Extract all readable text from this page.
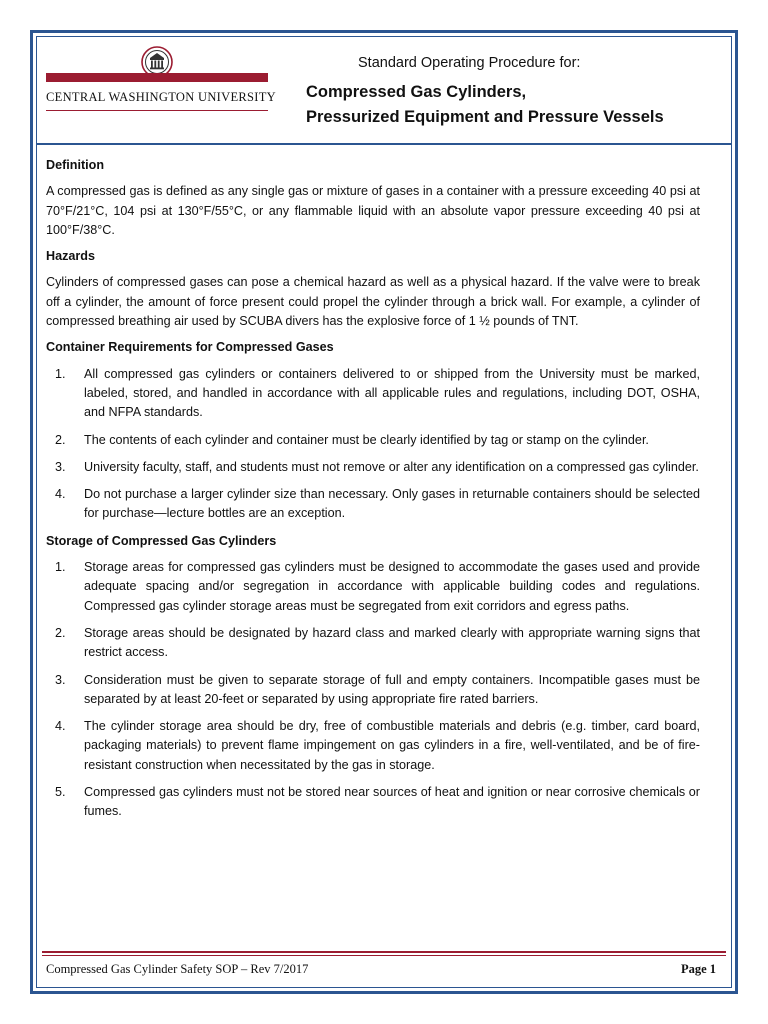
CENTRAL WASHINGTON UNIVERSITY
Standard Operating Procedure for:
Compressed Gas Cylinders,
Pressurized Equipment and Pressure Vessels
Definition

A compressed gas is defined as any single gas or mixture of gases in a container with a pressure exceeding 40 psi at 70°F/21°C, 104 psi at 130°F/55°C, or any flammable liquid with an absolute vapor pressure exceeding 40 psi at 100°F/38°C.

Hazards

Cylinders of compressed gases can pose a chemical hazard as well as a physical hazard. If the valve were to break off a cylinder, the amount of force present could propel the cylinder through a brick wall. For example, a cylinder of compressed breathing air used by SCUBA divers has the explosive force of 1 ½ pounds of TNT.

Container Requirements for Compressed Gases
1. All compressed gas cylinders or containers delivered to or shipped from the University must be marked, labeled, stored, and handled in accordance with all applicable rules and regulations, including DOT, OSHA, and NFPA standards.
2. The contents of each cylinder and container must be clearly identified by tag or stamp on the cylinder.
3. University faculty, staff, and students must not remove or alter any identification on a compressed gas cylinder.
4. Do not purchase a larger cylinder size than necessary. Only gases in returnable containers should be selected for purchase—lecture bottles are an exception.
Storage of Compressed Gas Cylinders
1. Storage areas for compressed gas cylinders must be designed to accommodate the gases used and provide adequate spacing and/or segregation in accordance with applicable building codes and regulations. Compressed gas cylinder storage areas must be segregated from exit corridors and egress paths.
2. Storage areas should be designated by hazard class and marked clearly with appropriate warning signs that restrict access.
3. Consideration must be given to separate storage of full and empty containers. Incompatible gases must be separated by at least 20-feet or separated by using appropriate fire rated barriers.
4. The cylinder storage area should be dry, free of combustible materials and debris (e.g. timber, card board, packaging materials) to prevent flame impingement on gas cylinders in a fire, well-ventilated, and be of fire-resistant construction when necessitated by the gas in storage.
5. Compressed gas cylinders must not be stored near sources of heat and ignition or near corrosive chemicals or fumes.
Compressed Gas Cylinder Safety SOP – Rev 7/2017	Page 1
